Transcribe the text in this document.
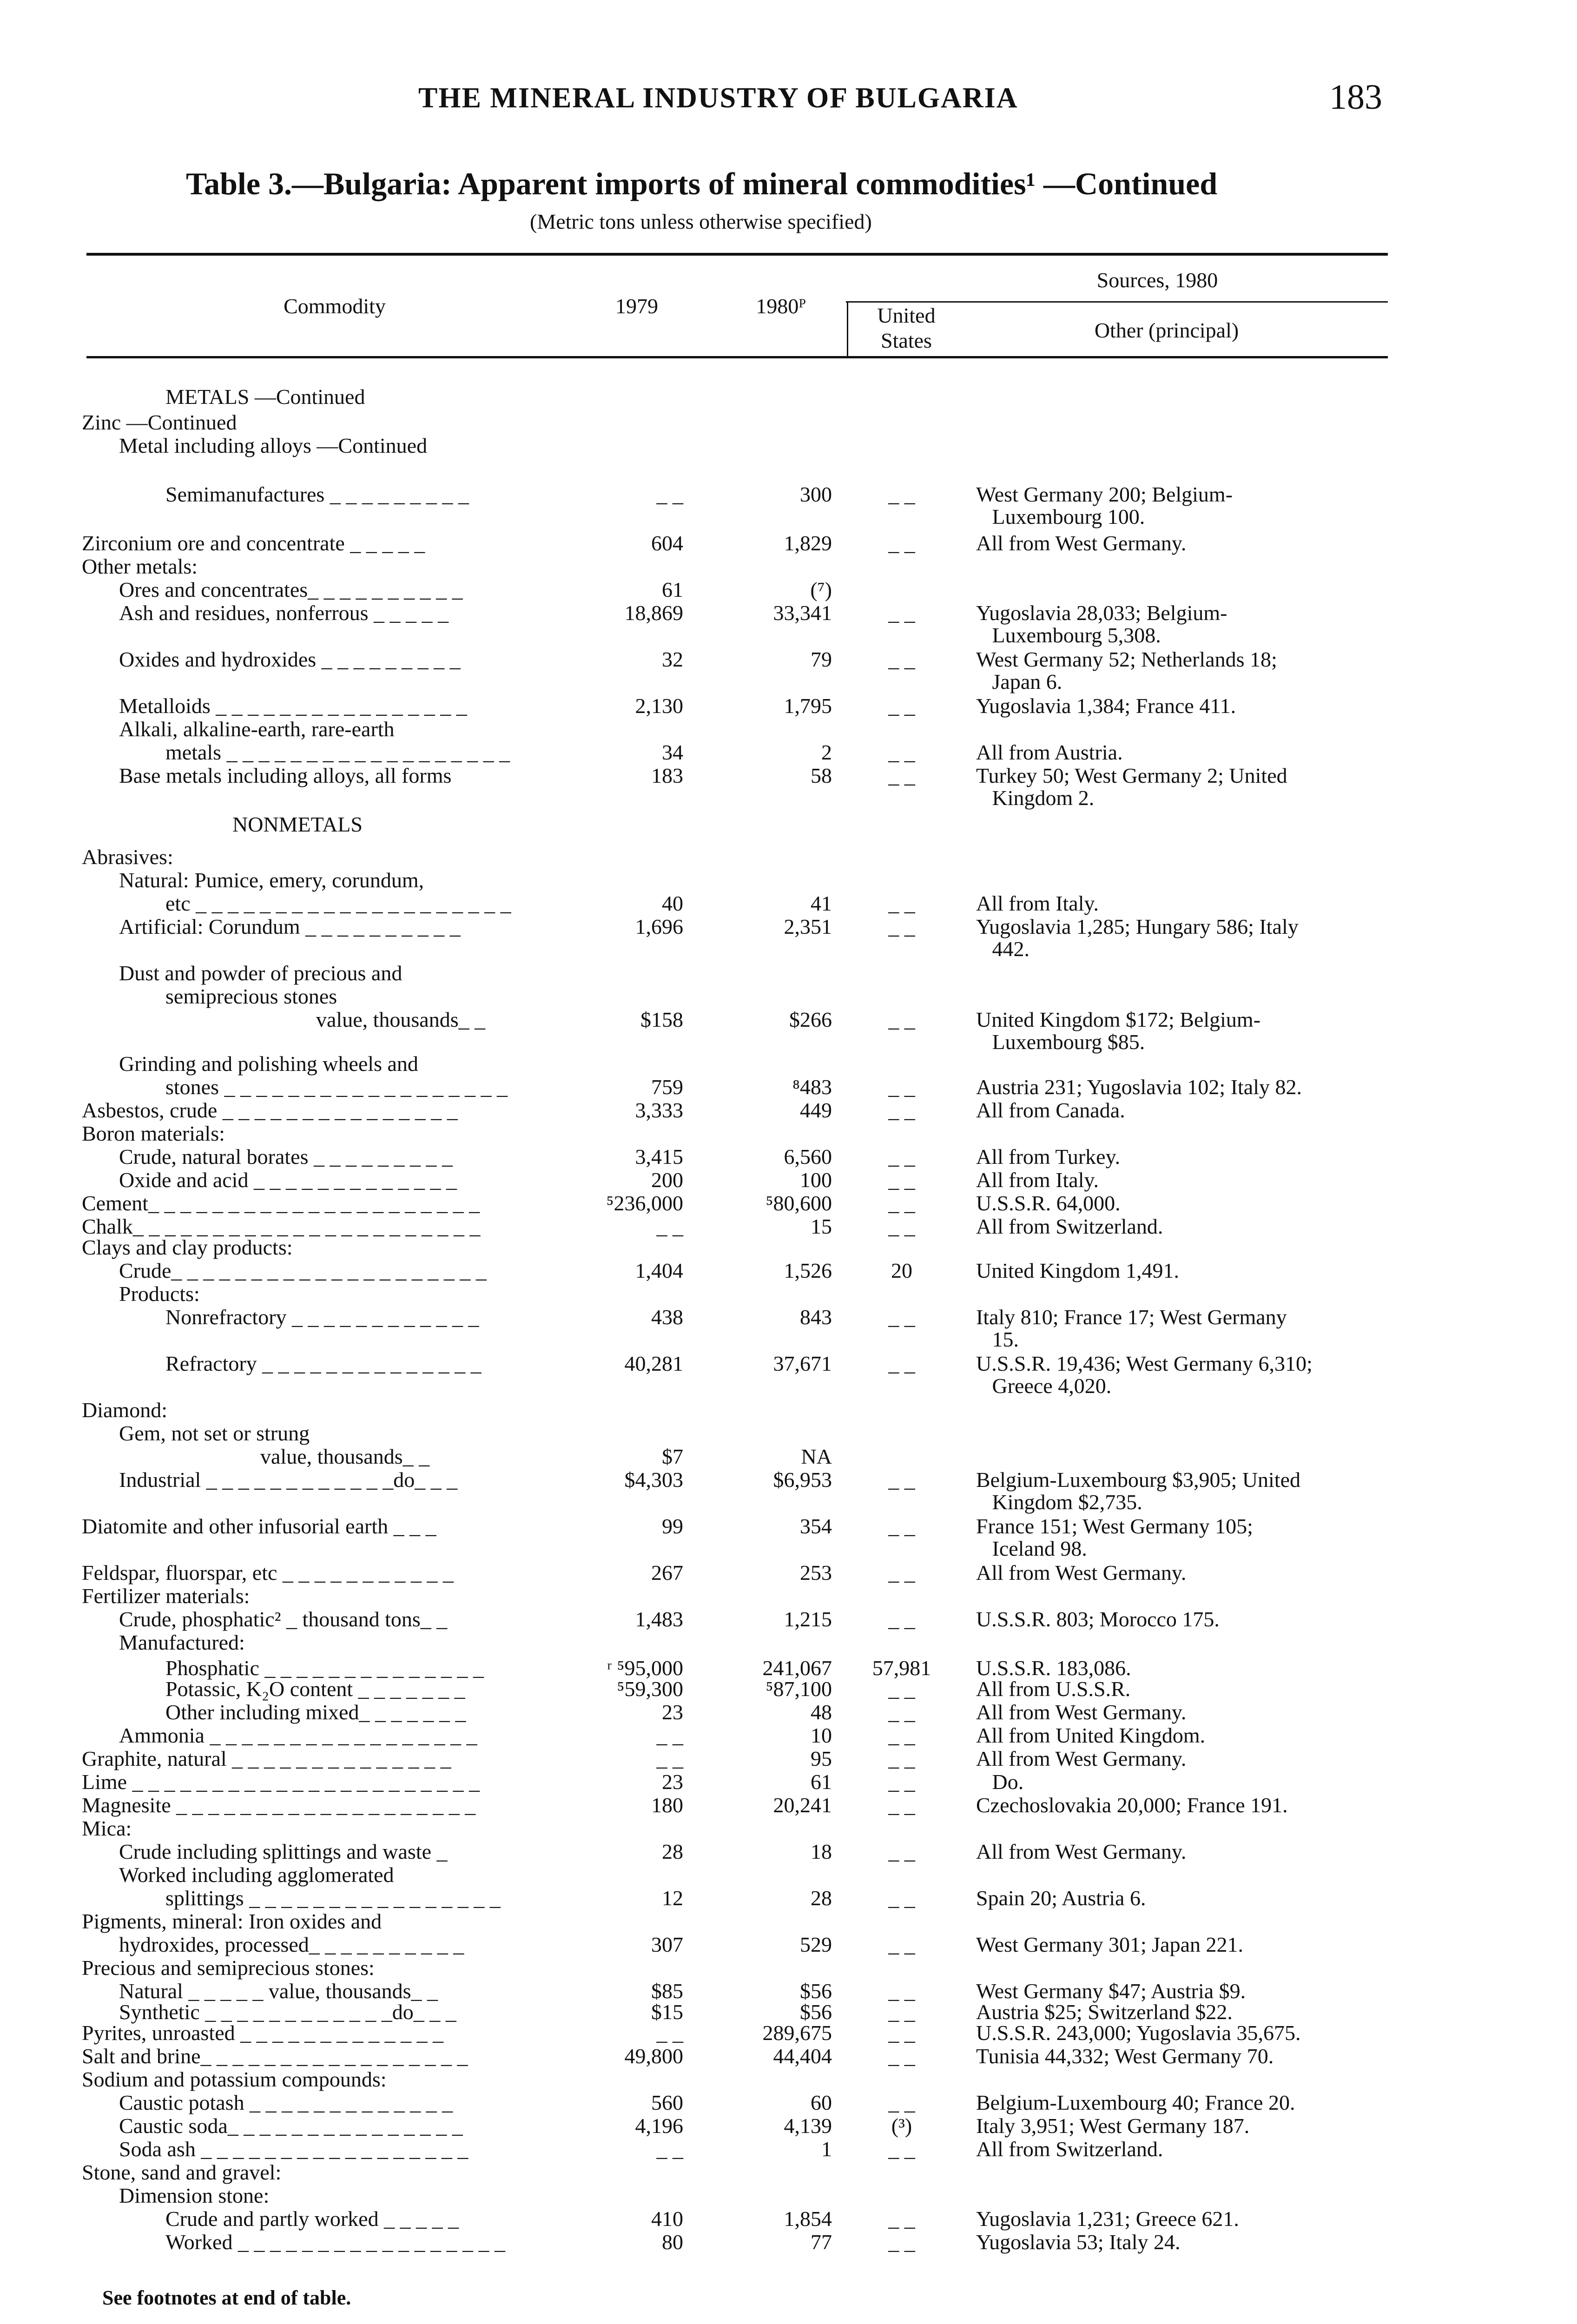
THE MINERAL INDUSTRY OF BULGARIA	183
Table 3.—Bulgaria: Apparent imports of mineral commodities¹ —Continued
(Metric tons unless otherwise specified)
Commodity	1979	1980ᴾ
Sources, 1980
United States	Other (principal)
METALS —Continued
Zinc —Continued
Metal including alloys —Continued
Semimanufactures _ _ _ _ _ _ _ _ _	_ _	300	_ _	West Germany 200; Belgium-
Luxembourg 100.
Zirconium ore and concentrate _ _ _ _ _	604	1,829	_ _	All from West Germany.
Other metals:
Ores and concentrates_ _ _ _ _ _ _ _ _ _	61	(⁷)
Ash and residues, nonferrous _ _ _ _ _	18,869	33,341	_ _	Yugoslavia 28,033; Belgium-
Luxembourg 5,308.
Oxides and hydroxides _ _ _ _ _ _ _ _ _	32	79	_ _	West Germany 52; Netherlands 18;
Japan 6.
Metalloids _ _ _ _ _ _ _ _ _ _ _ _ _ _ _ _	2,130	1,795	_ _	Yugoslavia 1,384; France 411.
Alkali, alkaline-earth, rare-earth
metals _ _ _ _ _ _ _ _ _ _ _ _ _ _ _ _ _ _	34	2	_ _	All from Austria.
Base metals including alloys, all forms	183	58	_ _	Turkey 50; West Germany 2; United
Kingdom 2.
NONMETALS
Abrasives:
Natural: Pumice, emery, corundum,
etc _ _ _ _ _ _ _ _ _ _ _ _ _ _ _ _ _ _ _ _	40	41	_ _	All from Italy.
Artificial: Corundum _ _ _ _ _ _ _ _ _ _	1,696	2,351	_ _	Yugoslavia 1,285; Hungary 586; Italy
442.
Dust and powder of precious and
semiprecious stones
value, thousands_ _	$158	$266	_ _	United Kingdom $172; Belgium-
Luxembourg $85.
Grinding and polishing wheels and
stones _ _ _ _ _ _ _ _ _ _ _ _ _ _ _ _ _ _	759	⁸483	_ _	Austria 231; Yugoslavia 102; Italy 82.
Asbestos, crude _ _ _ _ _ _ _ _ _ _ _ _ _ _ _	3,333	449	_ _	All from Canada.
Boron materials:
Crude, natural borates _ _ _ _ _ _ _ _ _	3,415	6,560	_ _	All from Turkey.
Oxide and acid _ _ _ _ _ _ _ _ _ _ _ _ _	200	100	_ _	All from Italy.
Cement_ _ _ _ _ _ _ _ _ _ _ _ _ _ _ _ _ _ _ _ _	⁵236,000	⁵80,600	_ _	U.S.S.R. 64,000.
Chalk_ _ _ _ _ _ _ _ _ _ _ _ _ _ _ _ _ _ _ _ _ _	_ _	15	_ _	All from Switzerland.
Clays and clay products:
Crude_ _ _ _ _ _ _ _ _ _ _ _ _ _ _ _ _ _ _ _	1,404	1,526	20	United Kingdom 1,491.
Products:
Nonrefractory _ _ _ _ _ _ _ _ _ _ _ _	438	843	_ _	Italy 810; France 17; West Germany
15.
Refractory _ _ _ _ _ _ _ _ _ _ _ _ _ _	40,281	37,671	_ _	U.S.S.R. 19,436; West Germany 6,310;
Greece 4,020.
Diamond:
Gem, not set or strung
value, thousands_ _	$7	NA
Industrial _ _ _ _ _ _ _ _ _ _ _ _do_ _ _	$4,303	$6,953	_ _	Belgium-Luxembourg $3,905; United
Kingdom $2,735.
Diatomite and other infusorial earth _ _ _	99	354	_ _	France 151; West Germany 105;
Iceland 98.
Feldspar, fluorspar, etc _ _ _ _ _ _ _ _ _ _ _	267	253	_ _	All from West Germany.
Fertilizer materials:
Crude, phosphatic² _ thousand tons_ _	1,483	1,215	_ _	U.S.S.R. 803; Morocco 175.
Manufactured:
Phosphatic _ _ _ _ _ _ _ _ _ _ _ _ _ _	ʳ ⁵95,000	241,067	57,981	U.S.S.R. 183,086.
Potassic, K₂O content _ _ _ _ _ _ _	⁵59,300	⁵87,100	_ _	All from U.S.S.R.
Other including mixed_ _ _ _ _ _ _	23	48	_ _	All from West Germany.
Ammonia _ _ _ _ _ _ _ _ _ _ _ _ _ _ _ _ _	_ _	10	_ _	All from United Kingdom.
Graphite, natural _ _ _ _ _ _ _ _ _ _ _ _ _ _	_ _	95	_ _	All from West Germany.
Lime _ _ _ _ _ _ _ _ _ _ _ _ _ _ _ _ _ _ _ _ _ _	23	61	_ _	Do.
Magnesite _ _ _ _ _ _ _ _ _ _ _ _ _ _ _ _ _ _ _	180	20,241	_ _	Czechoslovakia 20,000; France 191.
Mica:
Crude including splittings and waste _	28	18	_ _	All from West Germany.
Worked including agglomerated
splittings _ _ _ _ _ _ _ _ _ _ _ _ _ _ _ _	12	28	_ _	Spain 20; Austria 6.
Pigments, mineral: Iron oxides and
hydroxides, processed_ _ _ _ _ _ _ _ _ _	307	529	_ _	West Germany 301; Japan 221.
Precious and semiprecious stones:
Natural _ _ _ _ _ value, thousands_ _	$85	$56	_ _	West Germany $47; Austria $9.
Synthetic _ _ _ _ _ _ _ _ _ _ _ _do_ _ _	$15	$56	_ _	Austria $25; Switzerland $22.
Pyrites, unroasted _ _ _ _ _ _ _ _ _ _ _ _ _	_ _	289,675	_ _	U.S.S.R. 243,000; Yugoslavia 35,675.
Salt and brine_ _ _ _ _ _ _ _ _ _ _ _ _ _ _ _ _	49,800	44,404	_ _	Tunisia 44,332; West Germany 70.
Sodium and potassium compounds:
Caustic potash _ _ _ _ _ _ _ _ _ _ _ _ _	560	60	_ _	Belgium-Luxembourg 40; France 20.
Caustic soda_ _ _ _ _ _ _ _ _ _ _ _ _ _ _	4,196	4,139	(³)	Italy 3,951; West Germany 187.
Soda ash _ _ _ _ _ _ _ _ _ _ _ _ _ _ _ _ _	_ _	1	_ _	All from Switzerland.
Stone, sand and gravel:
Dimension stone:
Crude and partly worked _ _ _ _ _	410	1,854	_ _	Yugoslavia 1,231; Greece 621.
Worked _ _ _ _ _ _ _ _ _ _ _ _ _ _ _ _ _	80	77	_ _	Yugoslavia 53; Italy 24.
See footnotes at end of table.
